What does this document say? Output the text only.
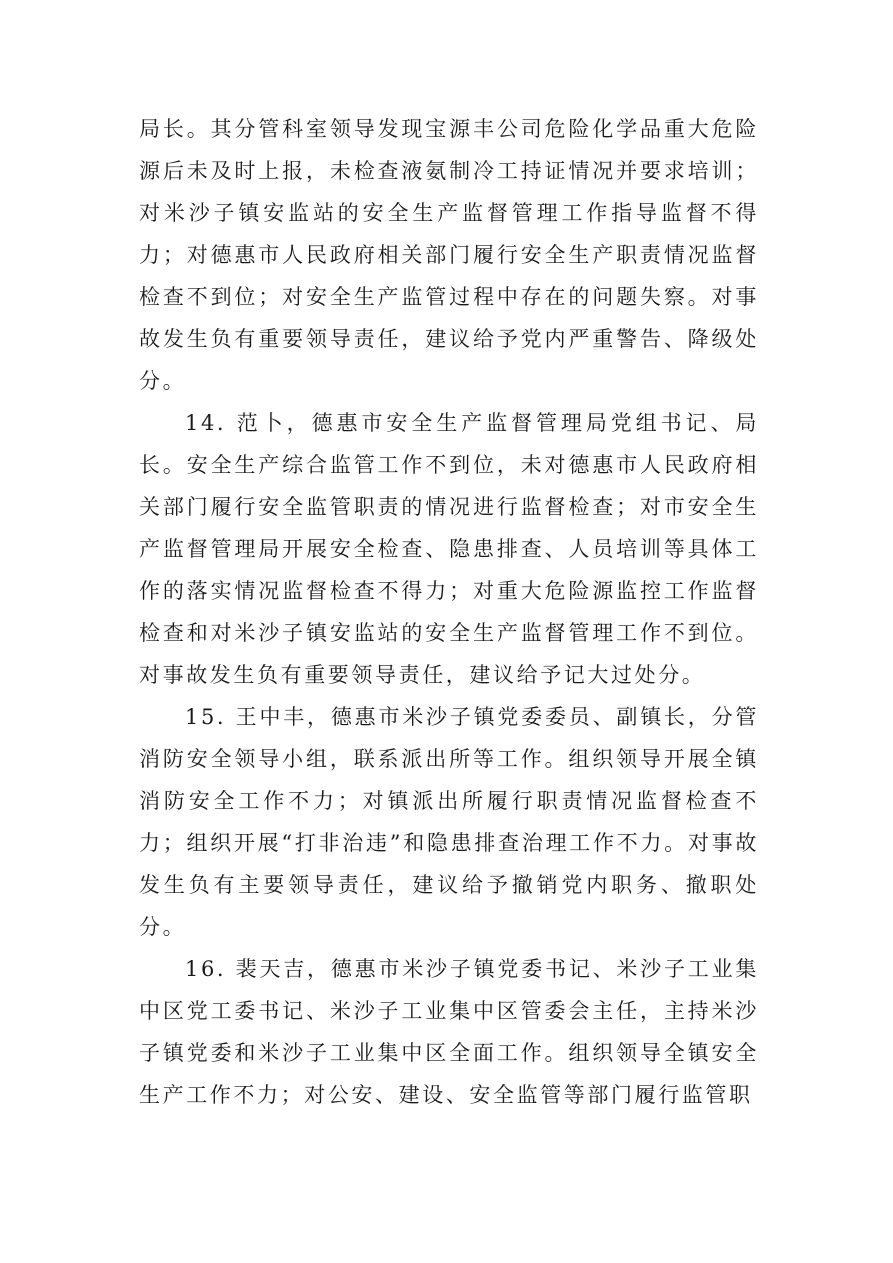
局长。其分管科室领导发现宝源丰公司危险化学品重大危险源后未及时上报，未检查液氨制冷工持证情况并要求培训；对米沙子镇安监站的安全生产监督管理工作指导监督不得力；对德惠市人民政府相关部门履行安全生产职责情况监督检查不到位；对安全生产监管过程中存在的问题失察。对事故发生负有重要领导责任，建议给予党内严重警告、降级处分。

14. 范卜，德惠市安全生产监督管理局党组书记、局长。安全生产综合监管工作不到位，未对德惠市人民政府相关部门履行安全监管职责的情况进行监督检查；对市安全生产监督管理局开展安全检查、隐患排查、人员培训等具体工作的落实情况监督检查不得力；对重大危险源监控工作监督检查和对米沙子镇安监站的安全生产监督管理工作不到位。对事故发生负有重要领导责任，建议给予记大过处分。

15. 王中丰，德惠市米沙子镇党委委员、副镇长，分管消防安全领导小组，联系派出所等工作。组织领导开展全镇消防安全工作不力；对镇派出所履行职责情况监督检查不力；组织开展“打非治违”和隐患排查治理工作不力。对事故发生负有主要领导责任，建议给予撤销党内职务、撤职处分。

16. 裴天吉，德惠市米沙子镇党委书记、米沙子工业集中区党工委书记、米沙子工业集中区管委会主任，主持米沙子镇党委和米沙子工业集中区全面工作。组织领导全镇安全生产工作不力；对公安、建设、安全监管等部门履行监管职
